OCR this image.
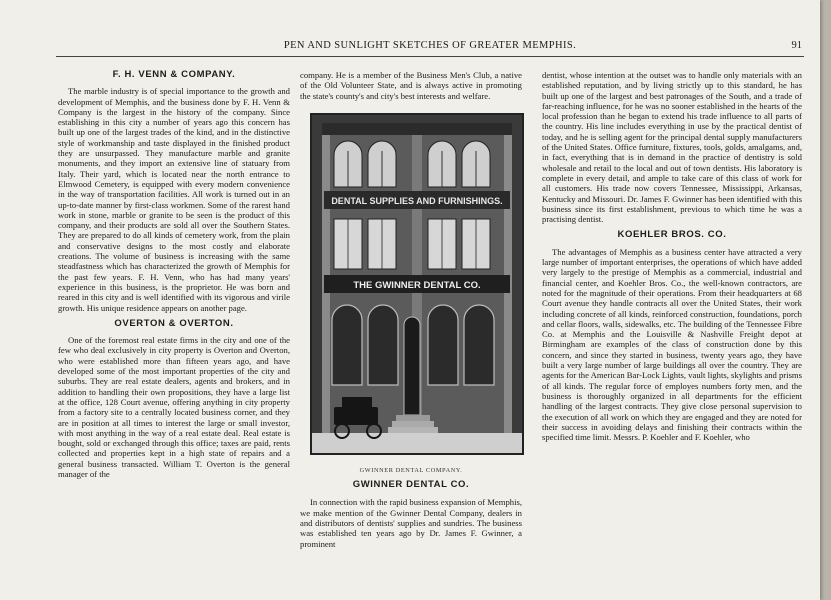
PEN AND SUNLIGHT SKETCHES OF GREATER MEMPHIS.	91
F. H. VENN & COMPANY.

The marble industry is of special importance to the growth and development of Memphis, and the business done by F. H. Venn & Company is the largest in the history of the company. Since establishing in this city a number of years ago this concern has built up one of the largest trades of the kind, and in the distinctive style of workmanship and taste displayed in the finished product they are unsurpassed. They manufacture marble and granite monuments, and they import an extensive line of statuary from Italy. Their yard, which is located near the north entrance to Elmwood Cemetery, is equipped with every modern convenience in the way of transportation facilities. All work is turned out in an up-to-date manner by first-class workmen. Some of the rarest hand work in stone, marble or granite to be seen is the product of this company, and their products are sold all over the Southern States. They are prepared to do all kinds of cemetery work, from the plain and conservative designs to the most costly and elaborate creations. The volume of business is increasing with the same steadfastness which has characterized the growth of Memphis for the past few years. F. H. Venn, who has had many years' experience in this business, is the proprietor. He was born and reared in this city and is well identified with its vigorous and virile growth. His unique residence appears on another page.

OVERTON & OVERTON.

One of the foremost real estate firms in the city and one of the few who deal exclusively in city property is Overton and Overton, who were established more than fifteen years ago, and have developed some of the most important properties of the city and suburbs. They are real estate dealers, agents and brokers, and in addition to handling their own propositions, they have a large list at the office, 128 Court avenue, offering anything in city property from a factory site to a centrally located business corner, and they are in position at all times to interest the large or small investor, with most anything in the way of a real estate deal. Real estate is bought, sold or exchanged through this office; taxes are paid, rents collected and properties kept in a high state of repairs and a general business transacted. William T. Overton is the general manager of the

company. He is a member of the Business Men's Club, a native of the Old Volunteer State, and is always active in promoting the state's county's and city's best interests and welfare.

DENTAL SUPPLIES AND FURNISHINGS.
THE GWINNER DENTAL CO.
GWINNER DENTAL COMPANY.
GWINNER DENTAL CO.

In connection with the rapid business expansion of Memphis, we make mention of the Gwinner Dental Company, dealers in and distributors of dentists' supplies and sundries. The business was established ten years ago by Dr. James F. Gwinner, a prominent

dentist, whose intention at the outset was to handle only materials with an established reputation, and by living strictly up to this standard, he has built up one of the largest and best patronages of the South, and a trade of far-reaching influence, for he was no sooner established in the hearts of the local profession than he began to extend his trade influence to all parts of the country. His line includes everything in use by the practical dentist of today, and he is selling agent for the principal dental supply manufacturers of the United States. Office furniture, fixtures, tools, golds, amalgams, and, in fact, everything that is in demand in the practice of dentistry is sold wholesale and retail to the local and out of town dentists. His laboratory is complete in every detail, and ample to take care of this class of work for all customers. His trade now covers Tennessee, Mississippi, Arkansas, Kentucky and Missouri. Dr. James F. Gwinner has been identified with this business since its first establishment, previous to which time he was a practising dentist.

KOEHLER BROS. CO.

The advantages of Memphis as a business center have attracted a very large number of important enterprises, the operations of which have added very largely to the prestige of Memphis as a commercial, industrial and financial center, and Koehler Bros. Co., the well-known contractors, are noted for the magnitude of their operations. From their headquarters at 68 Court avenue they handle contracts all over the United States, their work including concrete of all kinds, reinforced construction, foundations, porch and cellar floors, walls, sidewalks, etc. The building of the Tennessee Fibre Co. at Memphis and the Louisville & Nashville Freight depot at Birmingham are examples of the class of construction done by this concern, and since they started in business, twenty years ago, they have built a very large number of large buildings all over the country. They are agents for the American Bar-Lock Lights, vault lights, skylights and prisms of all kinds. The regular force of employes numbers forty men, and the business is thoroughly organized in all departments for the efficient handling of the largest contracts. They give close personal supervision to the execution of all work on which they are engaged and they are noted for their success in avoiding delays and finishing their contracts within the specified time limit. Messrs. P. Koehler and F. Koehler, who
